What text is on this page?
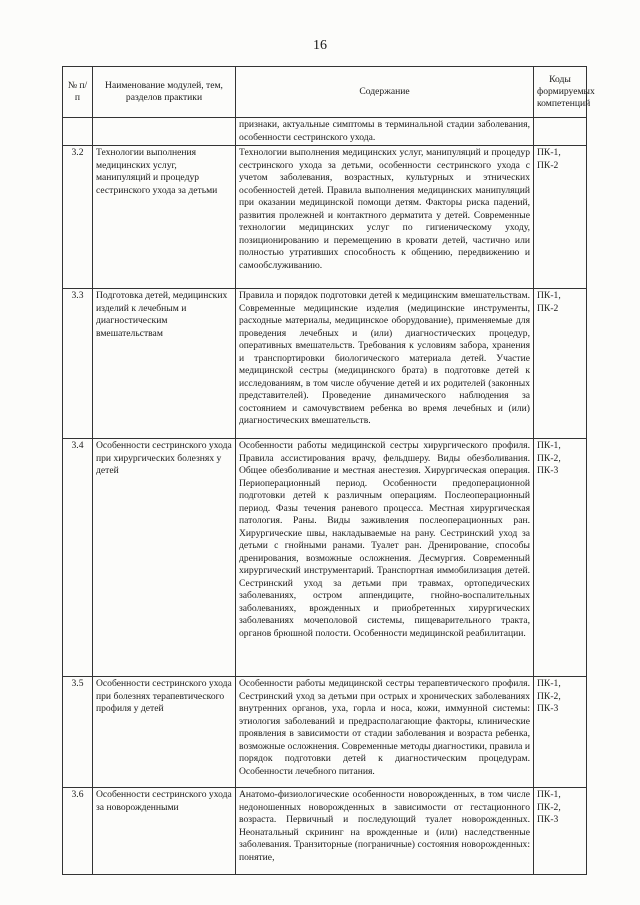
16
№ п/п	Наименование модулей, тем, разделов практики	Содержание	Коды формируемых компетенций
		признаки, актуальные симптомы в терминальной стадии заболевания, особенности сестринского ухода.	
3.2	Технологии выполнения медицинских услуг, манипуляций и процедур сестринского ухода за детьми	Технологии выполнения медицинских услуг, манипуляций и процедур сестринского ухода за детьми, особенности сестринского ухода с учетом заболевания, возрастных, культурных и этнических особенностей детей. Правила выполнения медицинских манипуляций при оказании медицинской помощи детям. Факторы риска падений, развития пролежней и контактного дерматита у детей. Современные технологии медицинских услуг по гигиеническому уходу, позиционированию и перемещению в кровати детей, частично или полностью утративших способность к общению, передвижению и самообслуживанию.	ПК-1, ПК-2
3.3	Подготовка детей, медицинских изделий к лечебным и диагностическим вмешательствам	Правила и порядок подготовки детей к медицинским вмешательствам. Современные медицинские изделия (медицинские инструменты, расходные материалы, медицинское оборудование), применяемые для проведения лечебных и (или) диагностических процедур, оперативных вмешательств. Требования к условиям забора, хранения и транспортировки биологического материала детей. Участие медицинской сестры (медицинского брата) в подготовке детей к исследованиям, в том числе обучение детей и их родителей (законных представителей). Проведение динамического наблюдения за состоянием и самочувствием ребенка во время лечебных и (или) диагностических вмешательств.	ПК-1, ПК-2
3.4	Особенности сестринского ухода при хирургических болезнях у детей	Особенности работы медицинской сестры хирургического профиля. Правила ассистирования врачу, фельдшеру. Виды обезболивания. Общее обезболивание и местная анестезия. Хирургическая операция. Периоперационный период. Особенности предоперационной подготовки детей к различным операциям. Послеоперационный период. Фазы течения раневого процесса. Местная хирургическая патология. Раны. Виды заживления послеоперационных ран. Хирургические швы, накладываемые на рану. Сестринский уход за детьми с гнойными ранами. Туалет ран. Дренирование, способы дренирования, возможные осложнения. Десмургия. Современный хирургический инструментарий. Транспортная иммобилизация детей. Сестринский уход за детьми при травмах, ортопедических заболеваниях, остром аппендиците, гнойно-воспалительных заболеваниях, врожденных и приобретенных хирургических заболеваниях мочеполовой системы, пищеварительного тракта, органов брюшной полости. Особенности медицинской реабилитации.	ПК-1, ПК-2, ПК-3
3.5	Особенности сестринского ухода при болезнях терапевтического профиля у детей	Особенности работы медицинской сестры терапевтического профиля. Сестринский уход за детьми при острых и хронических заболеваниях внутренних органов, уха, горла и носа, кожи, иммунной системы: этиология заболеваний и предрасполагающие факторы, клинические проявления в зависимости от стадии заболевания и возраста ребенка, возможные осложнения. Современные методы диагностики, правила и порядок подготовки детей к диагностическим процедурам. Особенности лечебного питания.	ПК-1, ПК-2, ПК-3
3.6	Особенности сестринского ухода за новорожденными	Анатомо-физиологические особенности новорожденных, в том числе недоношенных новорожденных в зависимости от гестационного возраста. Первичный и последующий туалет новорожденных. Неонатальный скрининг на врожденные и (или) наследственные заболевания. Транзиторные (пограничные) состояния новорожденных: понятие,	ПК-1, ПК-2, ПК-3
